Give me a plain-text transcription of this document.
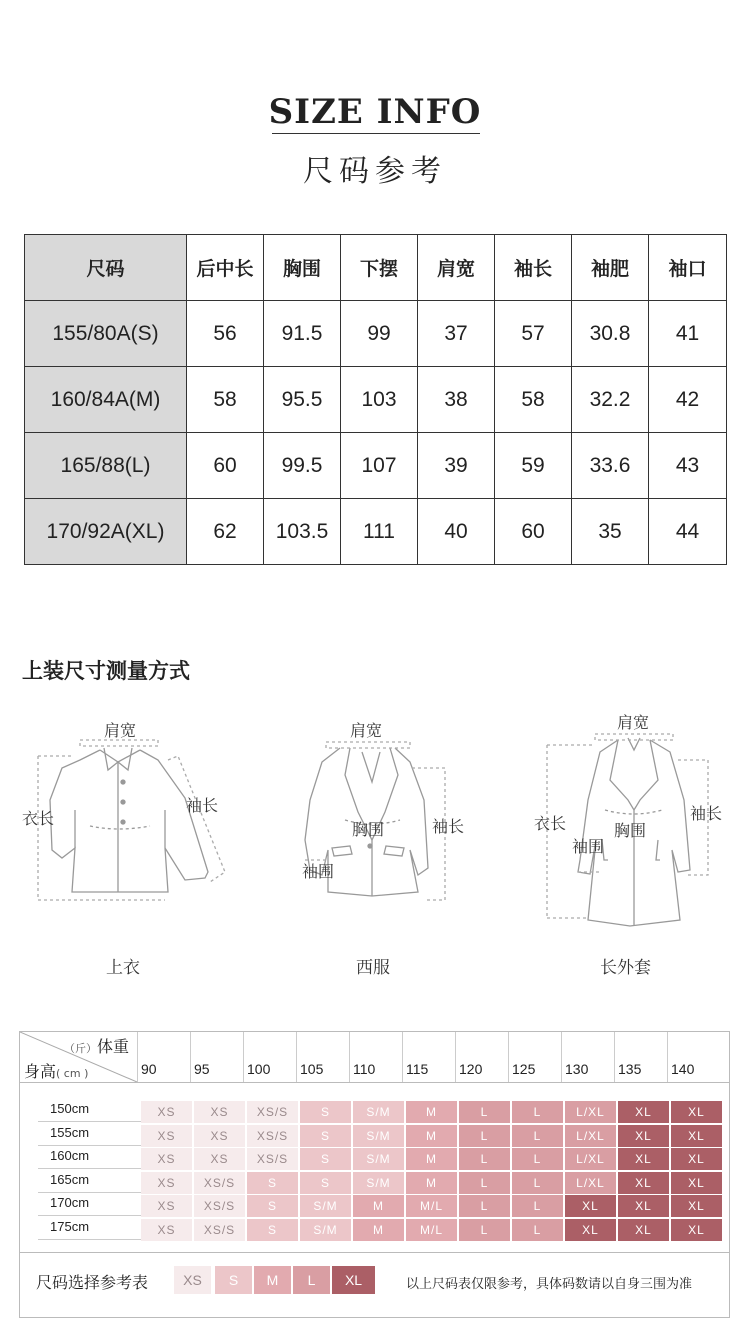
SIZE INFO
尺码参考
尺码	后中长	胸围	下摆	肩宽	袖长	袖肥	袖口
155/80A(S)	56	91.5	99	37	57	30.8	41
160/84A(M)	58	95.5	103	38	58	32.2	42
165/88(L)	60	99.5	107	39	59	33.6	43
170/92A(XL)	62	103.5	111	40	60	35	44
上装尺寸测量方式
肩宽
衣长
袖长
上衣
肩宽
胸围	袖长
袖围
西服
肩宽
衣长	胸围
袖围
袖长
长外套
（斤）体重
身高( cm )	90	95	100 105 110 115 120 125 130 135 140
150cm	XS	XS	XS/S	S	S/M	M	L	L	L/XL	XL	XL
155cm	XS	XS	XS/S	S	S/M	M	L	L	L/XL	XL	XL
160cm	XS	XS	XS/S	S	S/M	M	L	L	L/XL	XL	XL
165cm	XS	XS/S	S	S	S/M	M	L	L	L/XL	XL	XL
170cm	XS	XS/S	S	S/M	M	M/L	L	L	XL	XL	XL
175cm	XS	XS/S	S	S/M	M	M/L	L	L	XL	XL	XL
尺码选择参考表	XS	S	M	L	XL	以上尺码表仅限参考，具体码数请以自身三围为准
